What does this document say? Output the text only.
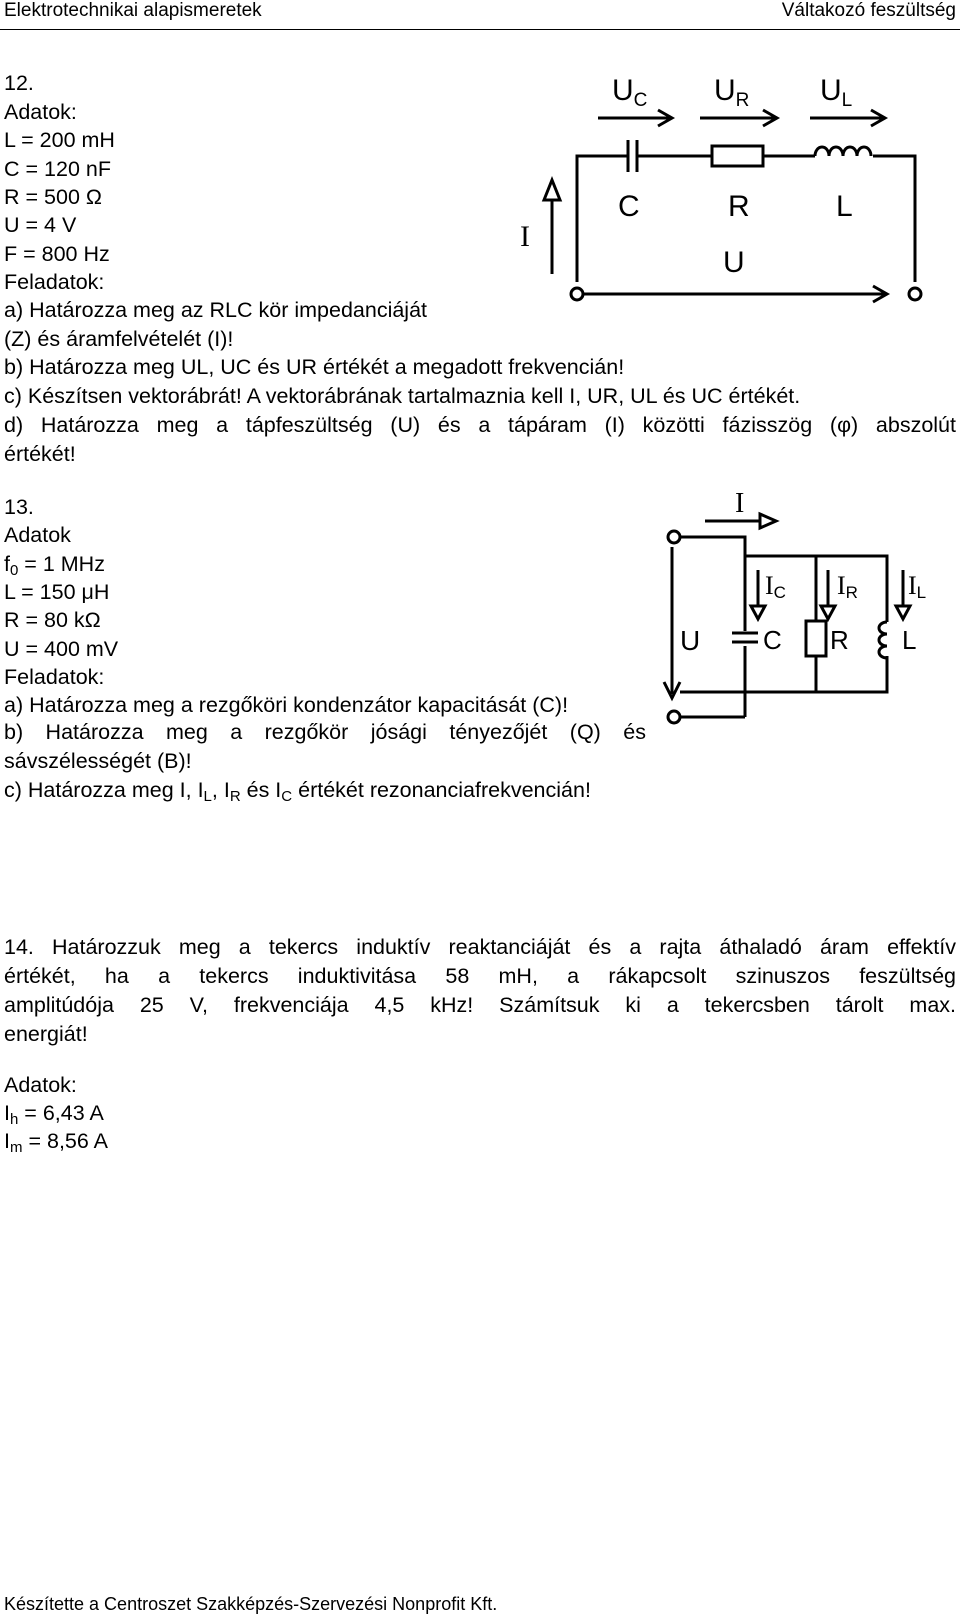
Elektrotechnikai alapismeretek	Váltakozó feszültség
12.
Adatok:
L = 200 mH
C = 120 nF
R = 500 Ω
U = 4 V
F = 800 Hz
Feladatok:
a) Határozza meg az RLC kör impedanciáját
(Z) és áramfelvételét (I)!
b) Határozza meg UL, UC és UR értékét a megadott frekvencián!
c) Készítsen vektorábrát! A vektorábrának tartalmaznia kell I, UR, UL és UC értékét.
d) Határozza meg a tápfeszültség (U) és a tápáram (I) közötti fázisszög (φ) abszolút
értékét!
$U_C$ $U_R$ $U_L$
C	R	L
U
I
13.
Adatok
$f_0 = 1$ MHz
L = 150 μH
R = 80 kΩ
U = 400 mV
Feladatok:
a) Határozza meg a rezgőköri kondenzátor kapacitását (C)!
b) Határozza meg a rezgőkör jósági tényezőjét (Q) és
sávszélességét (B)!
c) Határozza meg I, $I_L$, $I_R$ és $I_C$ értékét rezonanciafrekvencián!
I
U
IC IR IL
C R L
14. Határozzuk meg a tekercs induktív reaktanciáját és a rajta áthaladó áram effektív
értékét, ha a tekercs induktivitása 58 mH, a rákapcsolt szinuszos feszültség
amplitúdója 25 V, frekvenciája 4,5 kHz! Számítsuk ki a tekercsben tárolt max.
energiát!
Adatok:
$I_h = 6,43$ A
$I_m = 8,56$ A
Készítette a Centroszet Szakképzés-Szervezési Nonprofit Kft.
